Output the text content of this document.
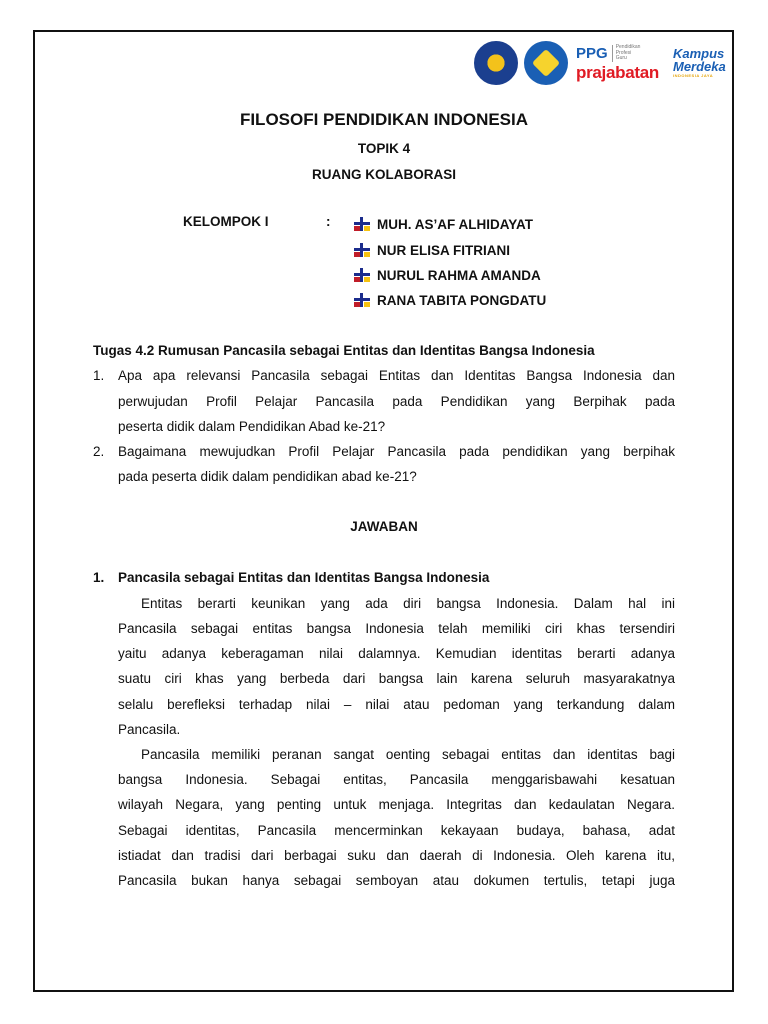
PPG	Pendidikan Profesi Guru
prajabatan
Kampus
Merdeka
INDONESIA JAYA
FILOSOFI PENDIDIKAN INDONESIA

TOPIK 4

RUANG KOLABORASI

KELOMPOK I	:	MUH. AS’AF ALHIDAYAT
NUR ELISA FITRIANI
NURUL RAHMA AMANDA
RANA TABITA PONGDATU

Tugas 4.2 Rumusan Pancasila sebagai Entitas dan Identitas Bangsa Indonesia

1. Apa apa relevansi Pancasila sebagai Entitas dan Identitas Bangsa Indonesia dan
perwujudan Profil Pelajar Pancasila pada Pendidikan yang Berpihak pada
peserta didik dalam Pendidikan Abad ke-21?
2. Bagaimana mewujudkan Profil Pelajar Pancasila pada pendidikan yang berpihak
pada peserta didik dalam pendidikan abad ke-21?

JAWABAN

1. Pancasila sebagai Entitas dan Identitas Bangsa Indonesia
Entitas berarti keunikan yang ada diri bangsa Indonesia. Dalam hal ini
Pancasila sebagai entitas bangsa Indonesia telah memiliki ciri khas tersendiri
yaitu adanya keberagaman nilai dalamnya. Kemudian identitas berarti adanya
suatu ciri khas yang berbeda dari bangsa lain karena seluruh masyarakatnya
selalu berefleksi terhadap nilai – nilai atau pedoman yang terkandung dalam
Pancasila.
Pancasila memiliki peranan sangat oenting sebagai entitas dan identitas bagi
bangsa Indonesia. Sebagai entitas, Pancasila menggarisbawahi kesatuan
wilayah Negara, yang penting untuk menjaga. Integritas dan kedaulatan Negara.
Sebagai identitas, Pancasila mencerminkan kekayaan budaya, bahasa, adat
istiadat dan tradisi dari berbagai suku dan daerah di Indonesia. Oleh karena itu,
Pancasila bukan hanya sebagai semboyan atau dokumen tertulis, tetapi juga
